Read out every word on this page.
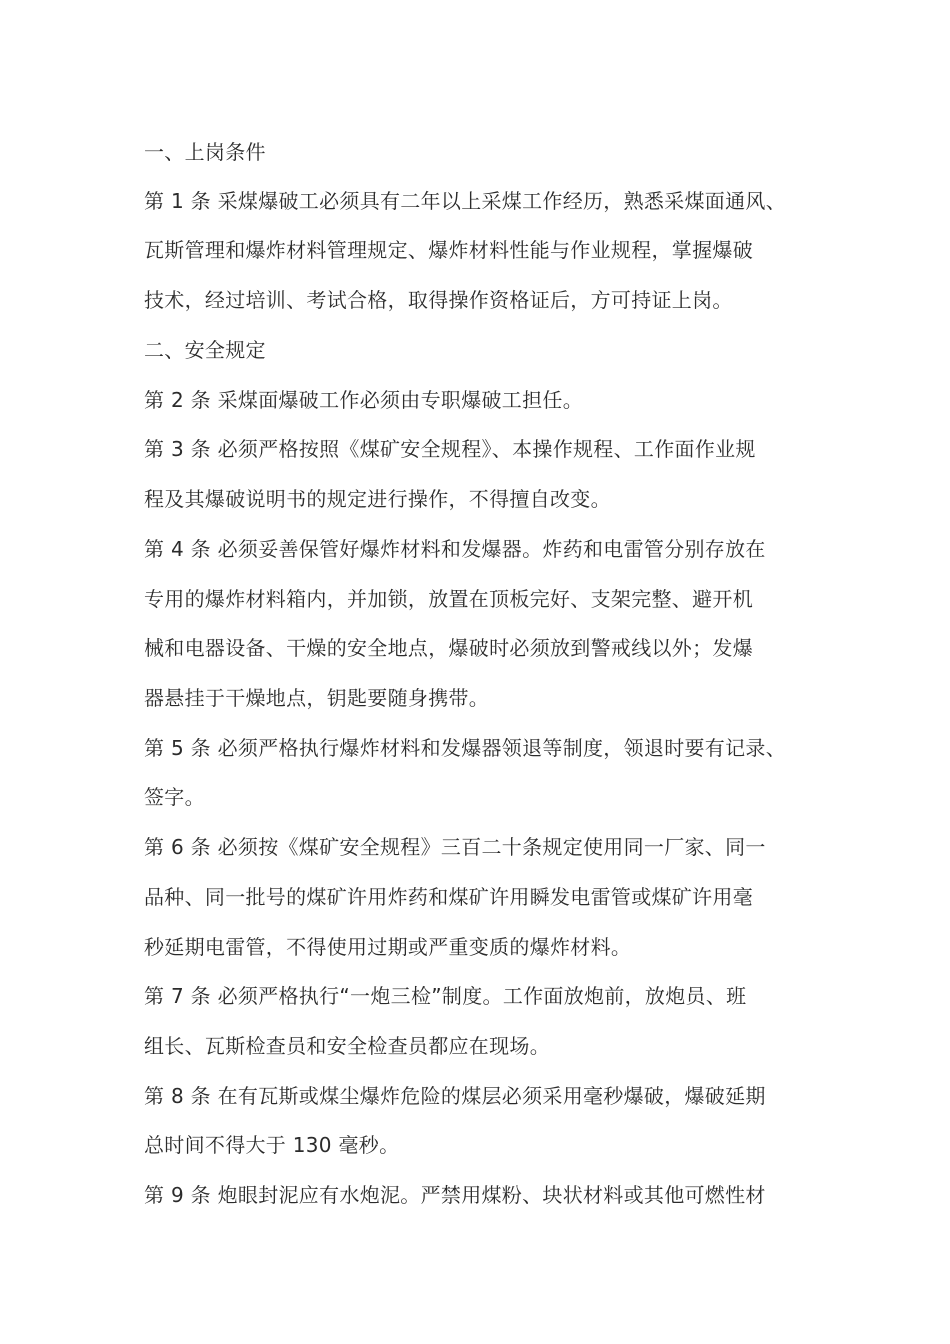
一、上岗条件

第 1 条 采煤爆破工必须具有二年以上采煤工作经历，熟悉采煤面通风、

瓦斯管理和爆炸材料管理规定、爆炸材料性能与作业规程，掌握爆破

技术，经过培训、考试合格，取得操作资格证后，方可持证上岗。

二、安全规定

第 2 条 采煤面爆破工作必须由专职爆破工担任。

第 3 条 必须严格按照《煤矿安全规程》、本操作规程、工作面作业规

程及其爆破说明书的规定进行操作，不得擅自改变。

第 4 条 必须妥善保管好爆炸材料和发爆器。炸药和电雷管分别存放在

专用的爆炸材料箱内，并加锁，放置在顶板完好、支架完整、避开机

械和电器设备、干燥的安全地点，爆破时必须放到警戒线以外；发爆

器悬挂于干燥地点，钥匙要随身携带。

第 5 条 必须严格执行爆炸材料和发爆器领退等制度，领退时要有记录、

签字。

第 6 条 必须按《煤矿安全规程》三百二十条规定使用同一厂家、同一

品种、同一批号的煤矿许用炸药和煤矿许用瞬发电雷管或煤矿许用毫

秒延期电雷管，不得使用过期或严重变质的爆炸材料。

第 7 条 必须严格执行“一炮三检”制度。工作面放炮前，放炮员、班

组长、瓦斯检查员和安全检查员都应在现场。

第 8 条 在有瓦斯或煤尘爆炸危险的煤层必须采用毫秒爆破，爆破延期

总时间不得大于 130 毫秒。

第 9 条 炮眼封泥应有水炮泥。严禁用煤粉、块状材料或其他可燃性材
